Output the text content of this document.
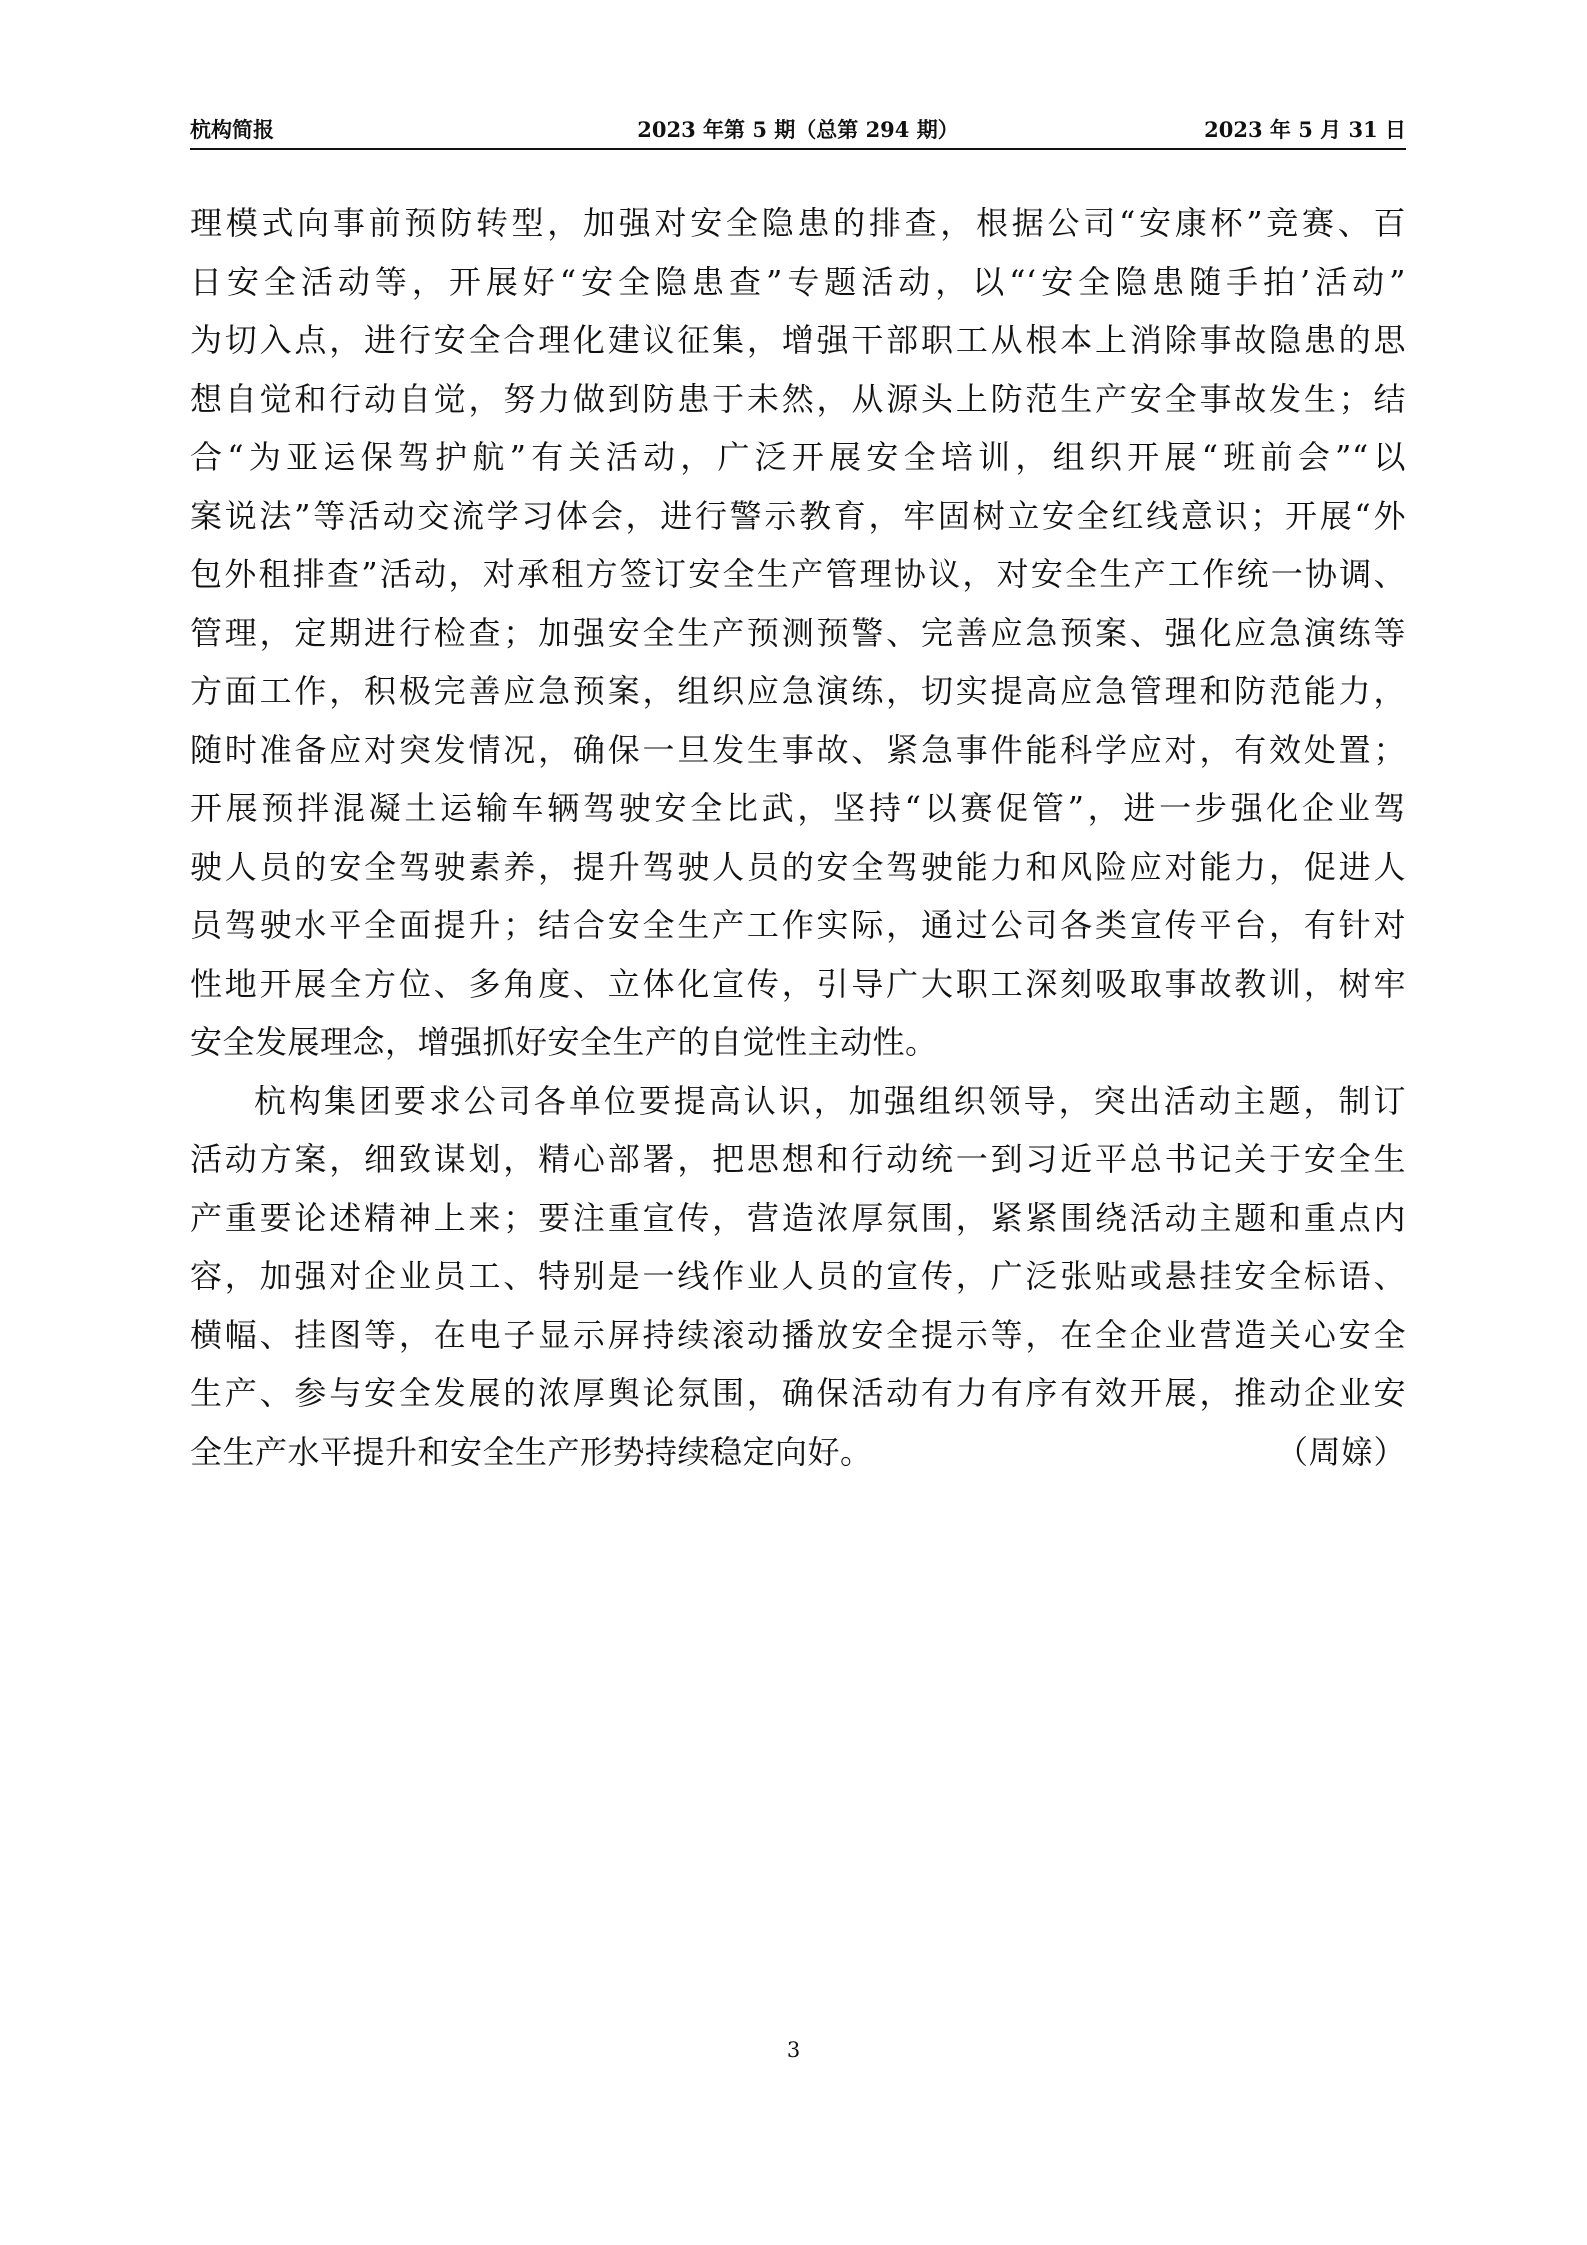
杭构简报	2023 年第 5 期（总第 294 期）	2023 年 5 月 31 日
理模式向事前预防转型，加强对安全隐患的排查，根据公司“安康杯”竞赛、百
日安全活动等，开展好“安全隐患查”专题活动，以“‘安全隐患随手拍’活动”
为切入点，进行安全合理化建议征集，增强干部职工从根本上消除事故隐患的思
想自觉和行动自觉，努力做到防患于未然，从源头上防范生产安全事故发生；结
合“为亚运保驾护航”有关活动，广泛开展安全培训，组织开展“班前会”“以
案说法”等活动交流学习体会，进行警示教育，牢固树立安全红线意识；开展“外
包外租排查”活动，对承租方签订安全生产管理协议，对安全生产工作统一协调、
管理，定期进行检查；加强安全生产预测预警、完善应急预案、强化应急演练等
方面工作，积极完善应急预案，组织应急演练，切实提高应急管理和防范能力，
随时准备应对突发情况，确保一旦发生事故、紧急事件能科学应对，有效处置；
开展预拌混凝土运输车辆驾驶安全比武，坚持“以赛促管”，进一步强化企业驾
驶人员的安全驾驶素养，提升驾驶人员的安全驾驶能力和风险应对能力，促进人
员驾驶水平全面提升；结合安全生产工作实际，通过公司各类宣传平台，有针对
性地开展全方位、多角度、立体化宣传，引导广大职工深刻吸取事故教训，树牢
安全发展理念，增强抓好安全生产的自觉性主动性。
杭构集团要求公司各单位要提高认识，加强组织领导，突出活动主题，制订
活动方案，细致谋划，精心部署，把思想和行动统一到习近平总书记关于安全生
产重要论述精神上来；要注重宣传，营造浓厚氛围，紧紧围绕活动主题和重点内
容，加强对企业员工、特别是一线作业人员的宣传，广泛张贴或悬挂安全标语、
横幅、挂图等，在电子显示屏持续滚动播放安全提示等，在全企业营造关心安全
生产、参与安全发展的浓厚舆论氛围，确保活动有力有序有效开展，推动企业安
全生产水平提升和安全生产形势持续稳定向好。	（周媇）
3
